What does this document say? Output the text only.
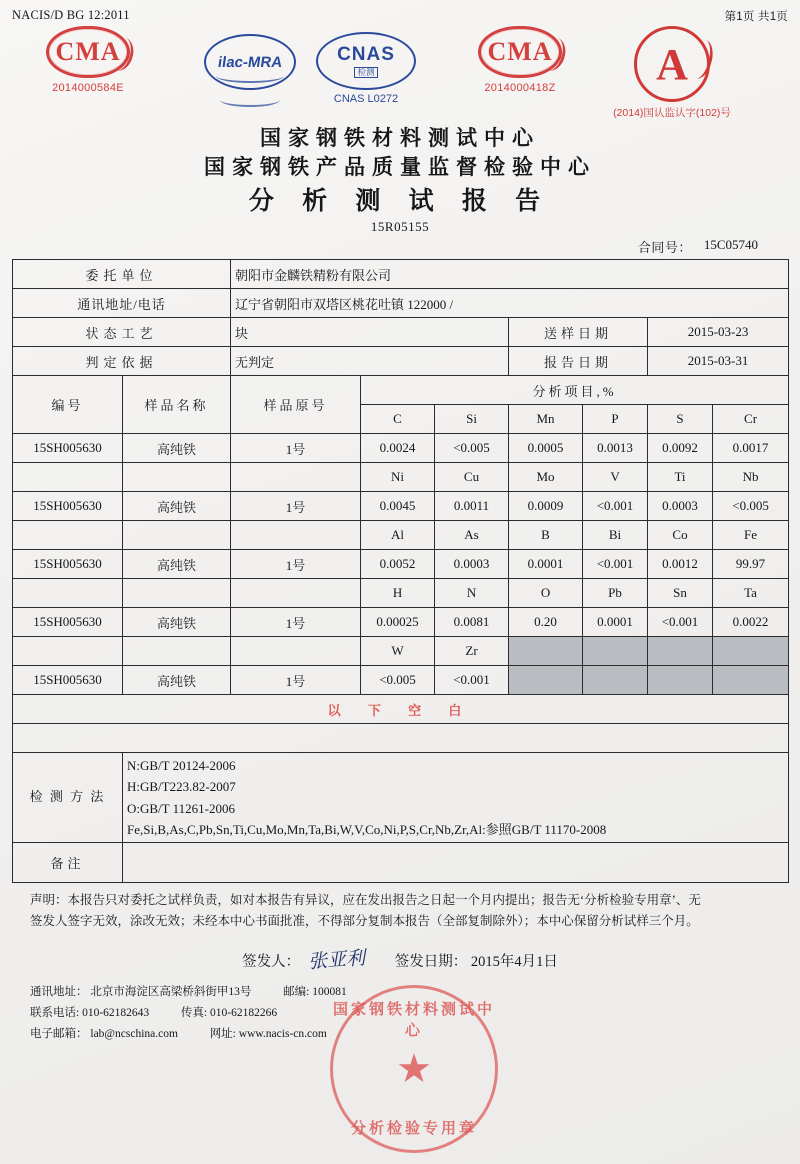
NACIS/D BG 12:2011	第1页 共1页
CMA
2014000584E
ilac-MRA	CNAS
检测
CNAS L0272
CMA
2014000418Z	A
(2014)国认监认字(102)号
国家钢铁材料测试中心
国家钢铁产品质量监督检验中心
分 析 测 试 报 告
15R05155
合同号： 15C05740
委托单位		朝阳市金麟铁精粉有限公司						
通讯地址/电话		辽宁省朝阳市双塔区桃花吐镇 122000 /						
状态工艺		块			送样日期		2015-03-23	
判定依据		无判定			报告日期		2015-03-31	
编号	样品名称	样品原号	分析项目,%					
			C	Si	Mn	P	S	Cr
15SH005630	高纯铁	1号	0.0024	<0.005	0.0005	0.0013	0.0092	0.0017
			Ni	Cu	Mo	V	Ti	Nb
15SH005630	高纯铁	1号	0.0045	0.0011	0.0009	<0.001	0.0003	<0.005
			Al	As	B	Bi	Co	Fe
15SH005630	高纯铁	1号	0.0052	0.0003	0.0001	<0.001	0.0012	99.97
			H	N	O	Pb	Sn	Ta
15SH005630	高纯铁	1号	0.00025	0.0081	0.20	0.0001	<0.001	0.0022
			W	Zr				
15SH005630	高纯铁	1号	<0.005	<0.001				
以 下 空 白								

检 测 方 法	N:GB/T 20124-2006
H:GB/T223.82-2007
O:GB/T 11261-2006
Fe,Si,B,As,C,Pb,Sn,Ti,Cu,Mo,Mn,Ta,Bi,W,V,Co,Ni,P,S,Cr,Nb,Zr,Al:参照GB/T 11170-2008							

备注								
声明：本报告只对委托之试样负责，如对本报告有异议，应在发出报告之日起一个月内提出；报告无‘分析检验专用章’、无
签发人签字无效，涂改无效；未经本中心书面批准，不得部分复制本报告（全部复制除外）；本中心保留分析试样三个月。
签发人： 张亚利 签发日期： 2015年4月1日
通讯地址： 北京市海淀区高梁桥斜街甲13号	邮编: 100081
联系电话: 010-62182643	传真: 010-62182266
电子邮箱： lab@ncschina.com	网址: www.nacis-cn.com
国家钢铁材料测试中心
★
分析检验专用章
